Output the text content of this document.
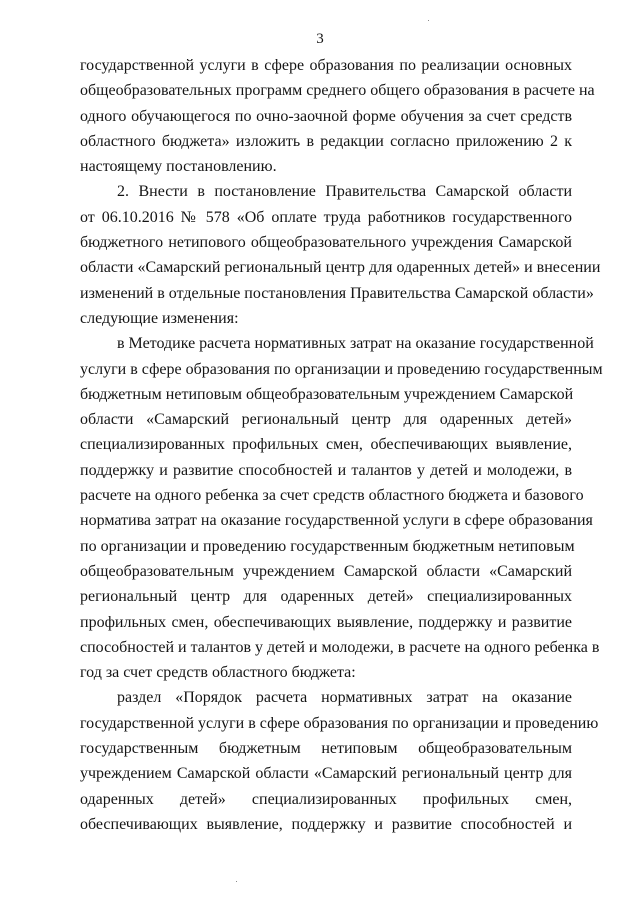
3
государственной услуги в сфере образования по реализации основных
общеобразовательных программ среднего общего образования в расчете на
одного обучающегося по очно-заочной форме обучения за счет средств
областного бюджета» изложить в редакции согласно приложению 2 к
настоящему постановлению.
2. Внести в постановление Правительства Самарской области
от 06.10.2016 № 578 «Об оплате труда работников государственного
бюджетного нетипового общеобразовательного учреждения Самарской
области «Самарский региональный центр для одаренных детей» и внесении
изменений в отдельные постановления Правительства Самарской области»
следующие изменения:
в Методике расчета нормативных затрат на оказание государственной
услуги в сфере образования по организации и проведению государственным
бюджетным нетиповым общеобразовательным учреждением Самарской
области «Самарский региональный центр для одаренных детей»
специализированных профильных смен, обеспечивающих выявление,
поддержку и развитие способностей и талантов у детей и молодежи, в
расчете на одного ребенка за счет средств областного бюджета и базового
норматива затрат на оказание государственной услуги в сфере образования
по организации и проведению государственным бюджетным нетиповым
общеобразовательным учреждением Самарской области «Самарский
региональный центр для одаренных детей» специализированных
профильных смен, обеспечивающих выявление, поддержку и развитие
способностей и талантов у детей и молодежи, в расчете на одного ребенка в
год за счет средств областного бюджета:
раздел «Порядок расчета нормативных затрат на оказание
государственной услуги в сфере образования по организации и проведению
государственным бюджетным нетиповым общеобразовательным
учреждением Самарской области «Самарский региональный центр для
одаренных детей» специализированных профильных смен,
обеспечивающих выявление, поддержку и развитие способностей и
